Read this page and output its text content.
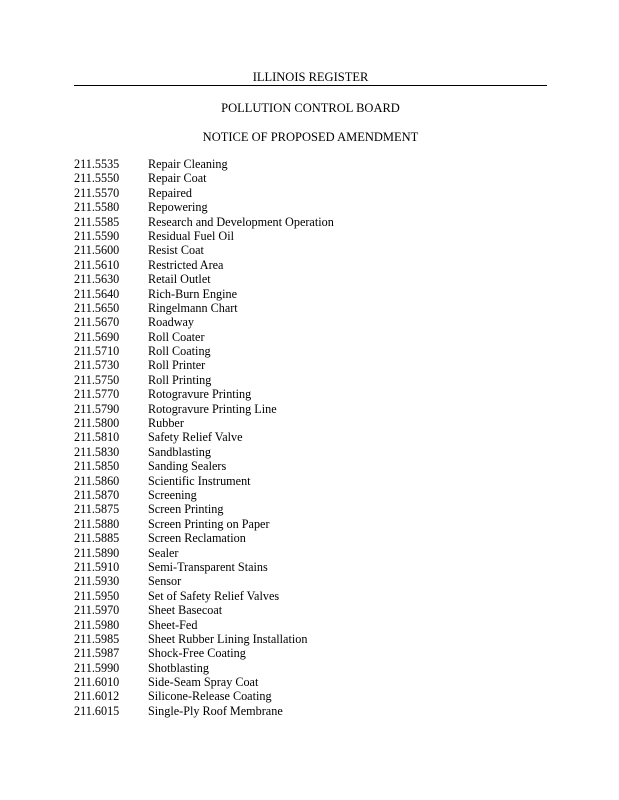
ILLINOIS REGISTER
POLLUTION CONTROL BOARD
NOTICE OF PROPOSED AMENDMENT
211.5535	Repair Cleaning
211.5550	Repair Coat
211.5570	Repaired
211.5580	Repowering
211.5585	Research and Development Operation
211.5590	Residual Fuel Oil
211.5600	Resist Coat
211.5610	Restricted Area
211.5630	Retail Outlet
211.5640	Rich-Burn Engine
211.5650	Ringelmann Chart
211.5670	Roadway
211.5690	Roll Coater
211.5710	Roll Coating
211.5730	Roll Printer
211.5750	Roll Printing
211.5770	Rotogravure Printing
211.5790	Rotogravure Printing Line
211.5800	Rubber
211.5810	Safety Relief Valve
211.5830	Sandblasting
211.5850	Sanding Sealers
211.5860	Scientific Instrument
211.5870	Screening
211.5875	Screen Printing
211.5880	Screen Printing on Paper
211.5885	Screen Reclamation
211.5890	Sealer
211.5910	Semi-Transparent Stains
211.5930	Sensor
211.5950	Set of Safety Relief Valves
211.5970	Sheet Basecoat
211.5980	Sheet-Fed
211.5985	Sheet Rubber Lining Installation
211.5987	Shock-Free Coating
211.5990	Shotblasting
211.6010	Side-Seam Spray Coat
211.6012	Silicone-Release Coating
211.6015	Single-Ply Roof Membrane
